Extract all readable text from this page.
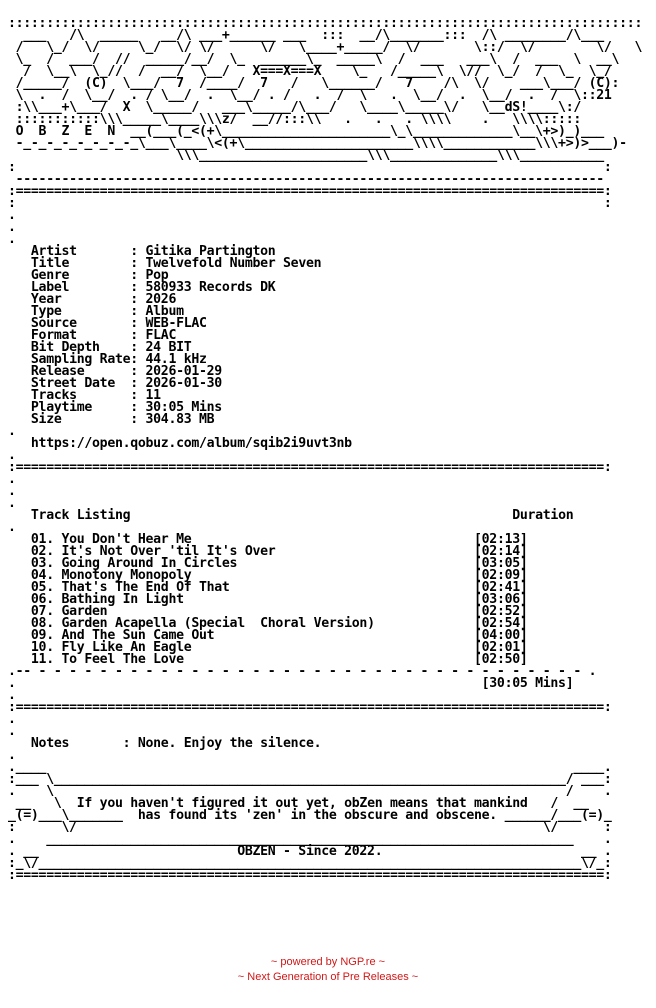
:::::::::::::::::::::::::::::::::::::::::::::::::::::::::::::::::::::::::::::::::::
___   /\  _____   __/\ ___+______ ___  :::  __/\_______:::  /\ ________/\___
/   \_/  \/     \_/  \/ \/      \/   \____+_____/  \/       \::/  \/        \/   \
\_  /  ___/  //  _____/__/  \_  ______\_  _____\  /  ___   ___\  /  ___  \  __\
/  \__\  \_//  /  __/  \__/   X===X===X    \_   /_____\  \//  \_/  /  \_  \_/
/_____/  (C)  \___/  7  /____/  7   /   \______/   7    /\  \/    ___\___/ (C):
\  .  /  \__/  . / \__/  .  \__/ . /   .  /  \   .  \__/  .  \__/  .  /  \::21
:\\___+\___/  X  \_____/   ___\_____/\___/   \____\_____\/   \__dS!____\:/
:::::::::::\\\_____\____\\\z/  __//:::\\   .   .   . \\\\    .   \\\\:::::
O  B  Z  E  N  __(___(_<(+\______________________\_\_____________\__\+>)_)___
-_-_-_-_-_-_-_-_\___\____\<(+\______________________\\\\____________\\\+>)>___)-
\\\______________________\\\______________\\\___________
:                                                                             :
-----------------------------------------------------------------------------
:=============================================================================:
:                                                                             :
.
.
.
Artist       : Gitika Partington
Title        : Twelvefold Number Seven
Genre        : Pop
Label        : 580933 Records DK
Year         : 2026
Type         : Album
Source       : WEB-FLAC
Format       : FLAC
Bit Depth    : 24 BIT
Sampling Rate: 44.1 kHz
Release      : 2026-01-29
Street Date  : 2026-01-30
Tracks       : 11
Playtime     : 30:05 Mins
Size         : 304.83 MB
.
https://open.qobuz.com/album/sqib2i9uvt3nb
.
:=============================================================================:
.
.
.
Track Listing	Duration
.
01. You Don't Hear Me                                     [02:13]
02. It's Not Over 'til It's Over                          [02:14]
03. Going Around In Circles                               [03:05]
04. Monotony Monopoly                                     [02:09]
05. That's The End Of That                                [02:41]
06. Bathing In Light                                      [03:06]
07. Garden                                                [02:52]
08. Garden Acapella (Special  Choral Version)             [02:54]
09. And The Sun Came Out                                  [04:00]
10. Fly Like An Eagle                                     [02:01]
11. To Feel The Love                                      [02:50]
.-- - - - - - - - - - - - - - - - - - - - - - - - - - - - - - - - - - - - - .
.                                                             [30:05 Mins]
.
:=============================================================================:
.
.
Notes       : None. Enjoy the silence.
.
.____                                                                     ____.
:___ \___________________________________________________________________/ ___:
.    \                                                                   /    .
__   \  If you haven't figured it out yet, obZen means that mankind   /  __
_(=)___\_______  has found its 'zen' in the obscure and obscene. ______/___(=)_
:      \/                                                             \/      :
.    _____________________________________________________________________    .
. __                          OBZEN - Since 2022.                          __ .
:_\/_______________________________________________________________________\/_:
:=============================================================================:
~ powered by NGP.re ~
~ Next Generation of Pre Releases ~
